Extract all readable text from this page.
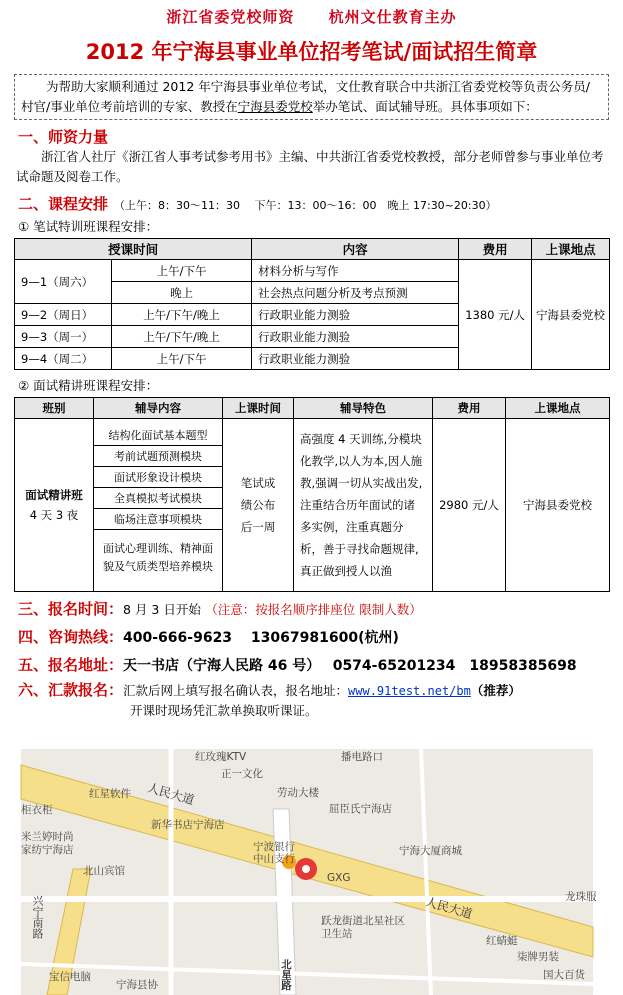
浙江省委党校师资 杭州文仕教育主办
2012 年宁海县事业单位招考笔试/面试招生简章
为帮助大家顺利通过 2012 年宁海县事业单位考试，文仕教育联合中共浙江省委党校等负责公务员/村官/事业单位考前培训的专家、教授在宁海县委党校举办笔试、面试辅导班。具体事项如下：
一、师资力量
浙江省人社厅《浙江省人事考试参考用书》主编、中共浙江省委党校教授，部分老师曾参与事业单位考试命题及阅卷工作。
二、课程安排 （上午：8：30～11：30　 下午：13：00～16：00　晚上 17:30~20:30）
① 笔试特训班课程安排：
授课时间		内容	费用	上课地点
9—1（周六）	上午/下午	材料分析与写作	1380 元/人	宁海县委党校
	晚上	社会热点问题分析及考点预测		
9—2（周日）	上午/下午/晚上	行政职业能力测验		
9—3（周一）	上午/下午/晚上	行政职业能力测验		
9—4（周二）	上午/下午	行政职业能力测验		
② 面试精讲班课程安排：
班别	辅导内容	上课时间	辅导特色	费用	上课地点

面试精讲班
4 天 3 夜

结构化面试基本题型
考前试题预测模块
面试形象设计模块
全真模拟考试模块
临场注意事项模块
面试心理训练、精神面貌及气质类型培养模块
	笔试成绩公布后一周	高强度 4 天训练,分模块化教学,以人为本,因人施教,强调一切从实战出发, 注重结合历年面试的诸多实例，注重真题分析，善于寻找命题规律,真正做到授人以渔	2980 元/人	宁海县委党校
三、报名时间：8 月 3 日开始 （注意：按报名顺序排座位 限制人数）
四、咨询热线：400-666-9623　 13067981600(杭州)
五、报名地址：天一书店（宁海人民路 46 号） 0574-65201234　18958385698
六、汇款报名：汇款后网上填写报名确认表，报名地址：www.91test.net/bm（推荐）
开课时现场凭汇款单换取听课证。
红玫瑰KTV	播电路口
正一文化
红星软件	劳动大楼
人民大道
柜衣柜	屈臣氏宁海店
新华书店宁海店
宁波银行中山支行
宁海大厦商城
米兰婷时尚家纺宁海店
北山宾馆
GXG
龙珠服
人民大道
兴宁南路	跃龙街道北星社区卫生站
红蜻蜓
柒牌男装
宝信电脑
宁海县协	北星路	国大百货
